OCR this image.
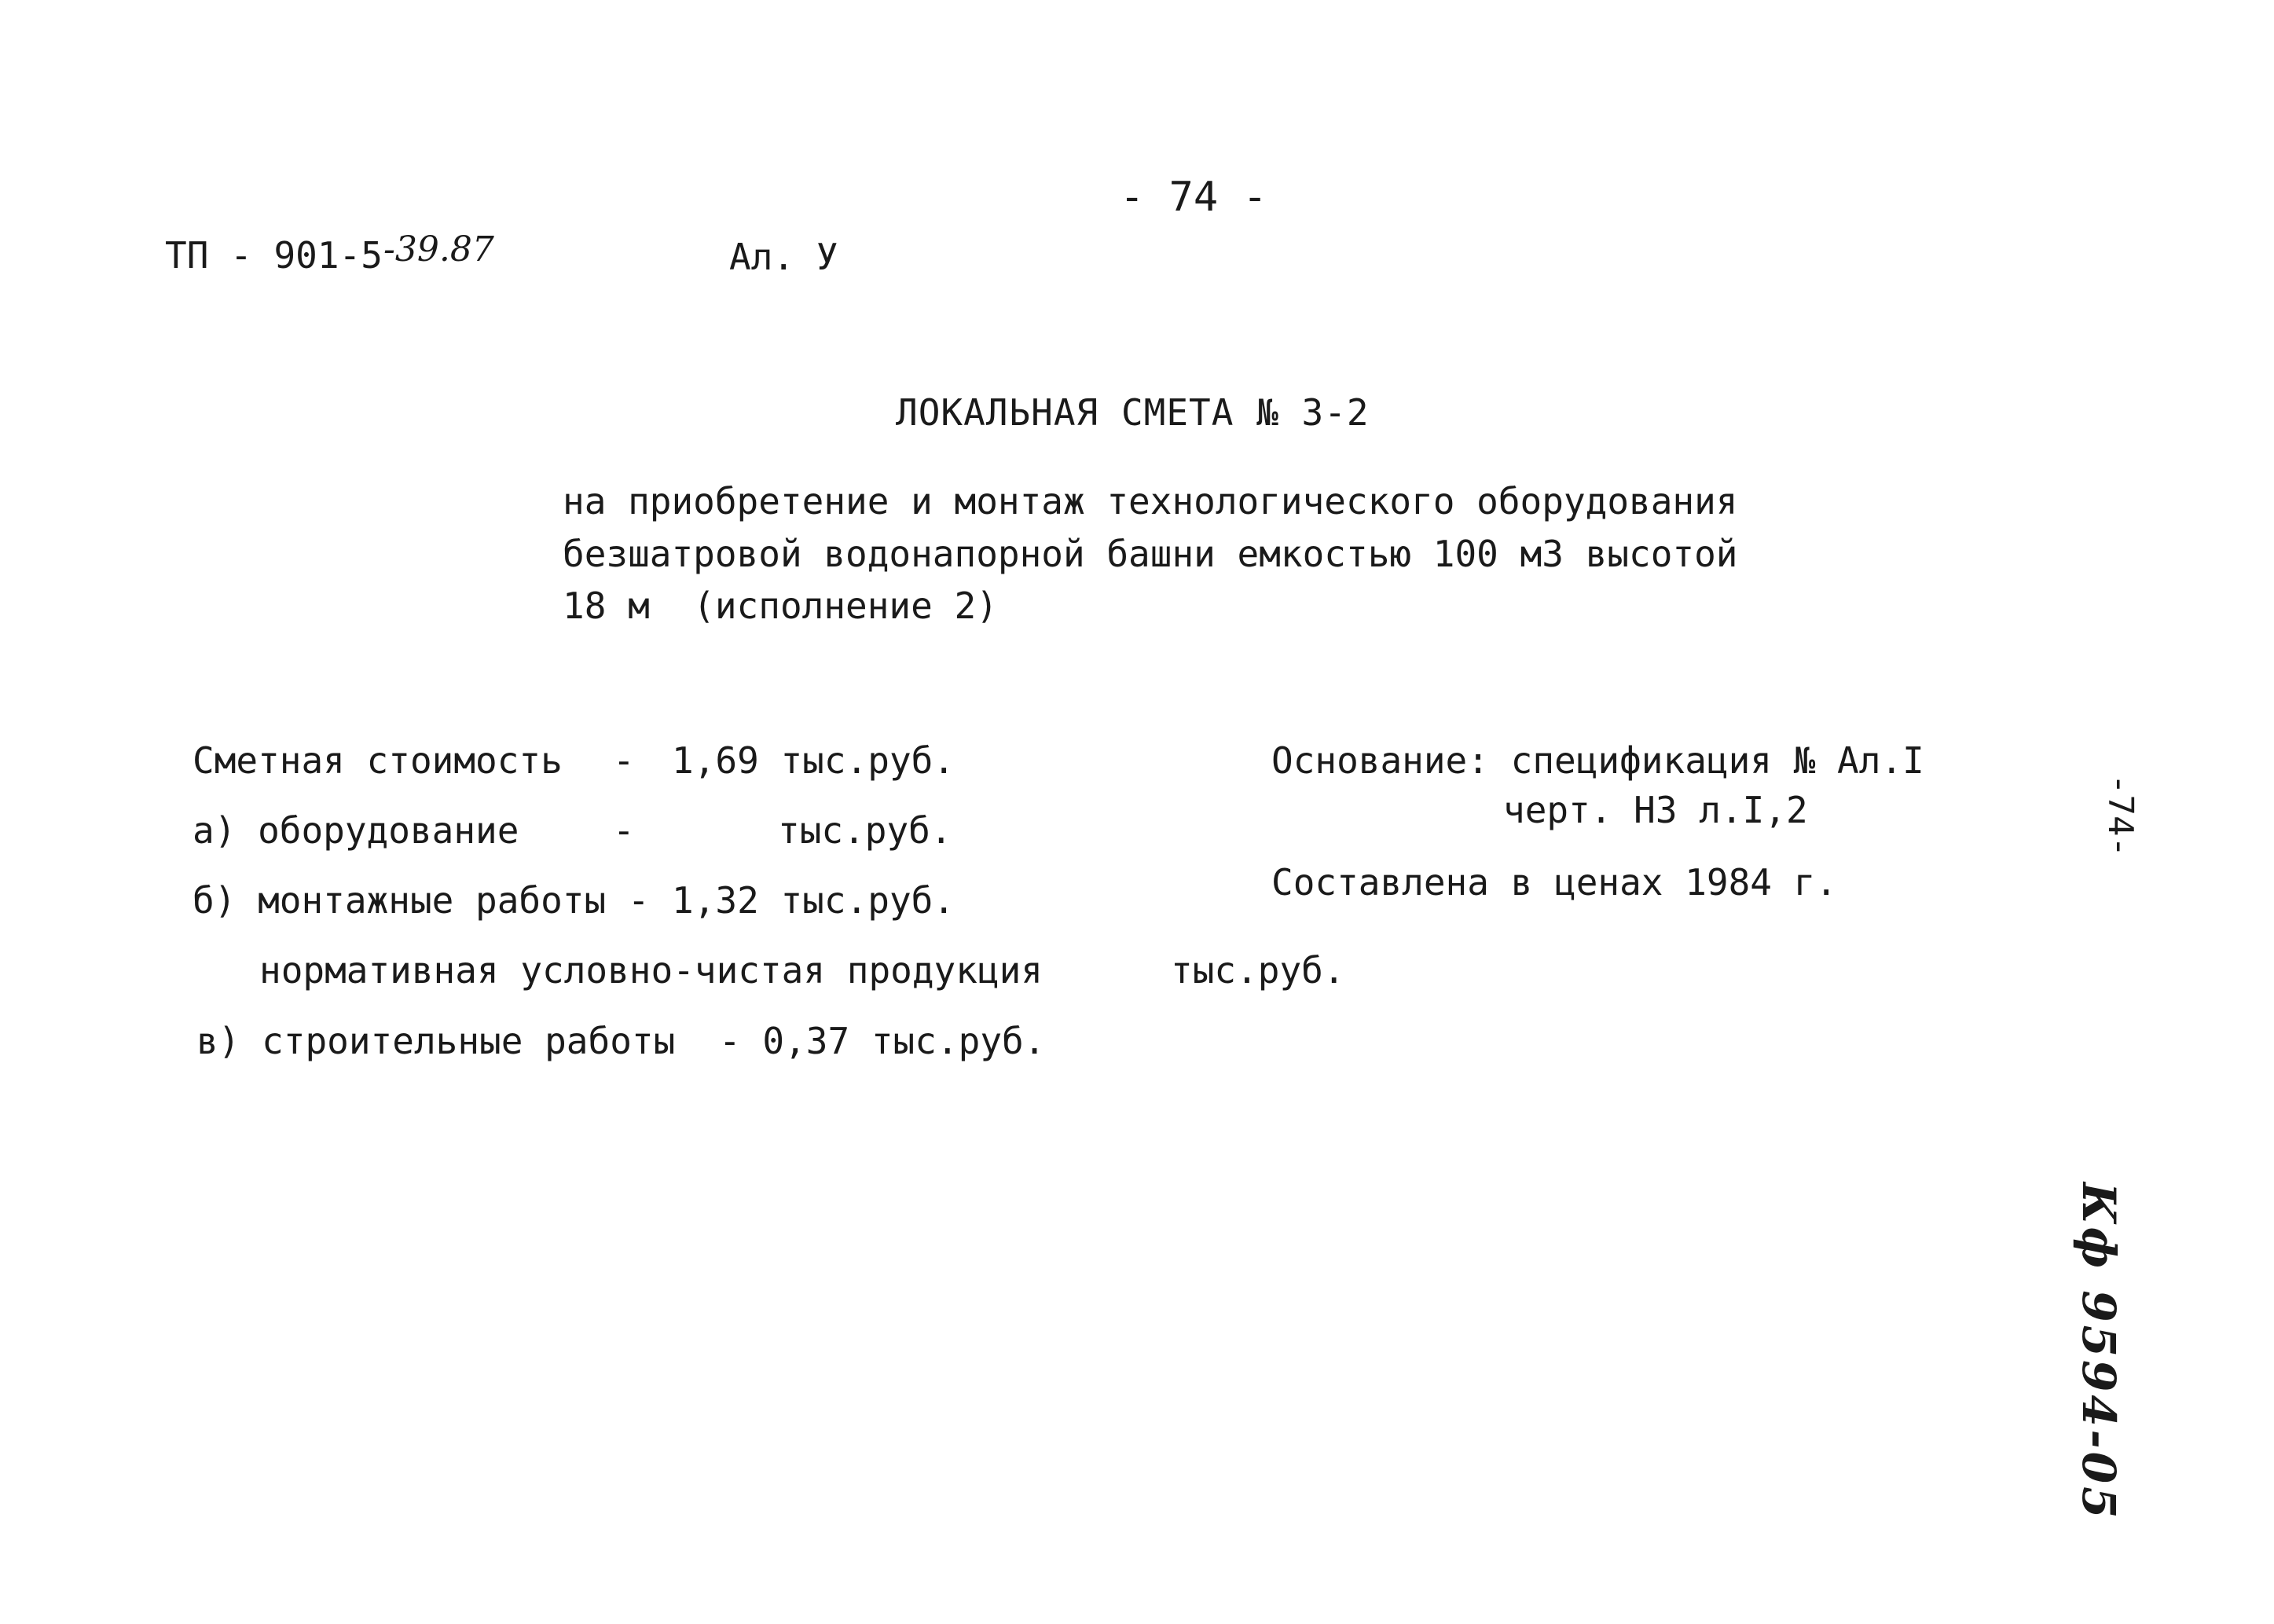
- 74 -
ТП - 901-5 -39.87	Ал. У
ЛОКАЛЬНАЯ СМЕТА № 3-2
на приобретение и монтаж технологического оборудования
безшатровой водонапорной башни емкостью 100 м3 высотой
18 м  (исполнение 2)
Сметная стоимость - 1,69 тыс.руб.
а) оборудование	-	тыс.руб.
б) монтажные работы - 1,32 тыс.руб.
нормативная условно-чистая продукция	тыс.руб.
в) строительные работы - 0,37 тыс.руб.
Основание: спецификация № Ал.I
черт. НЗ л.I,2
Составлена в ценах 1984 г.
-74-
Кф 9594-05
